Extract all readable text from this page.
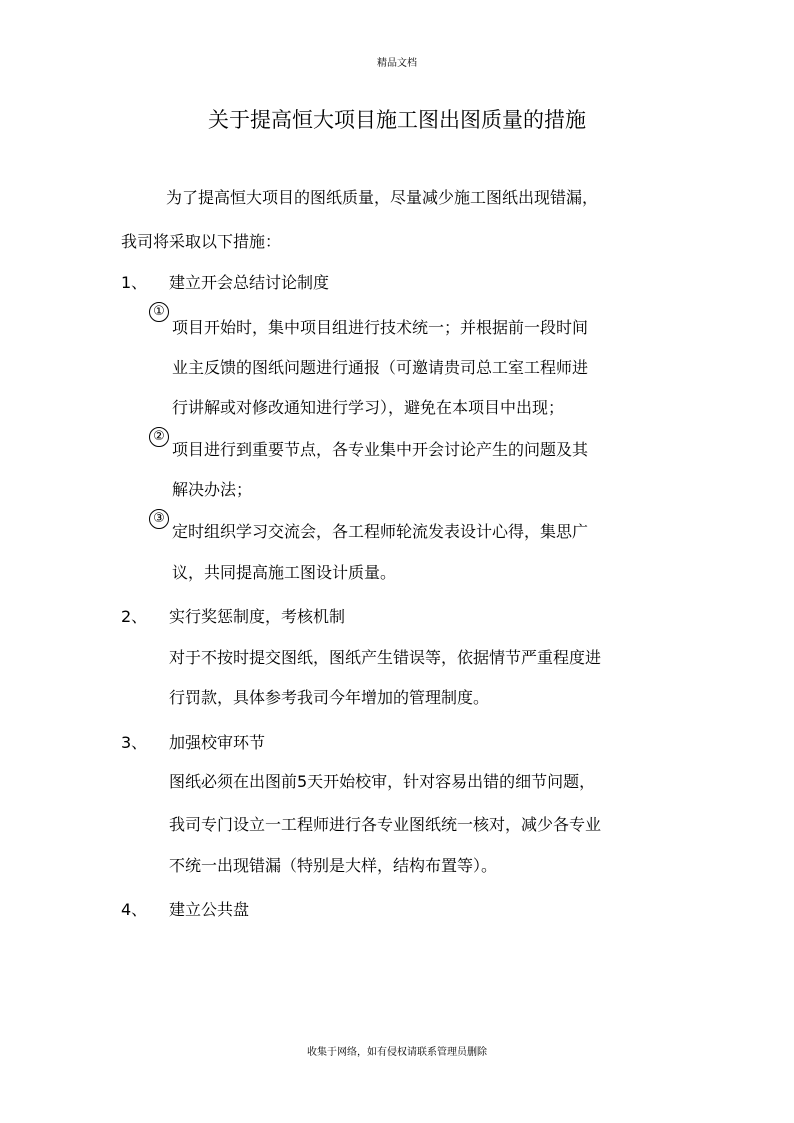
精品文档
关于提高恒大项目施工图出图质量的措施
为了提高恒大项目的图纸质量，尽量减少施工图纸出现错漏，
我司将采取以下措施：
1、 建立开会总结讨论制度
①
项目开始时，集中项目组进行技术统一；并根据前一段时间
业主反馈的图纸问题进行通报（可邀请贵司总工室工程师进
行讲解或对修改通知进行学习），避免在本项目中出现；
②
项目进行到重要节点，各专业集中开会讨论产生的问题及其
解决办法；
③
定时组织学习交流会，各工程师轮流发表设计心得，集思广
议，共同提高施工图设计质量。
2、 实行奖惩制度，考核机制
对于不按时提交图纸，图纸产生错误等，依据情节严重程度进
行罚款，具体参考我司今年增加的管理制度。
3、 加强校审环节
图纸必须在出图前5天开始校审，针对容易出错的细节问题，
我司专门设立一工程师进行各专业图纸统一核对，减少各专业
不统一出现错漏（特别是大样，结构布置等）。
4、 建立公共盘
收集于网络，如有侵权请联系管理员删除
